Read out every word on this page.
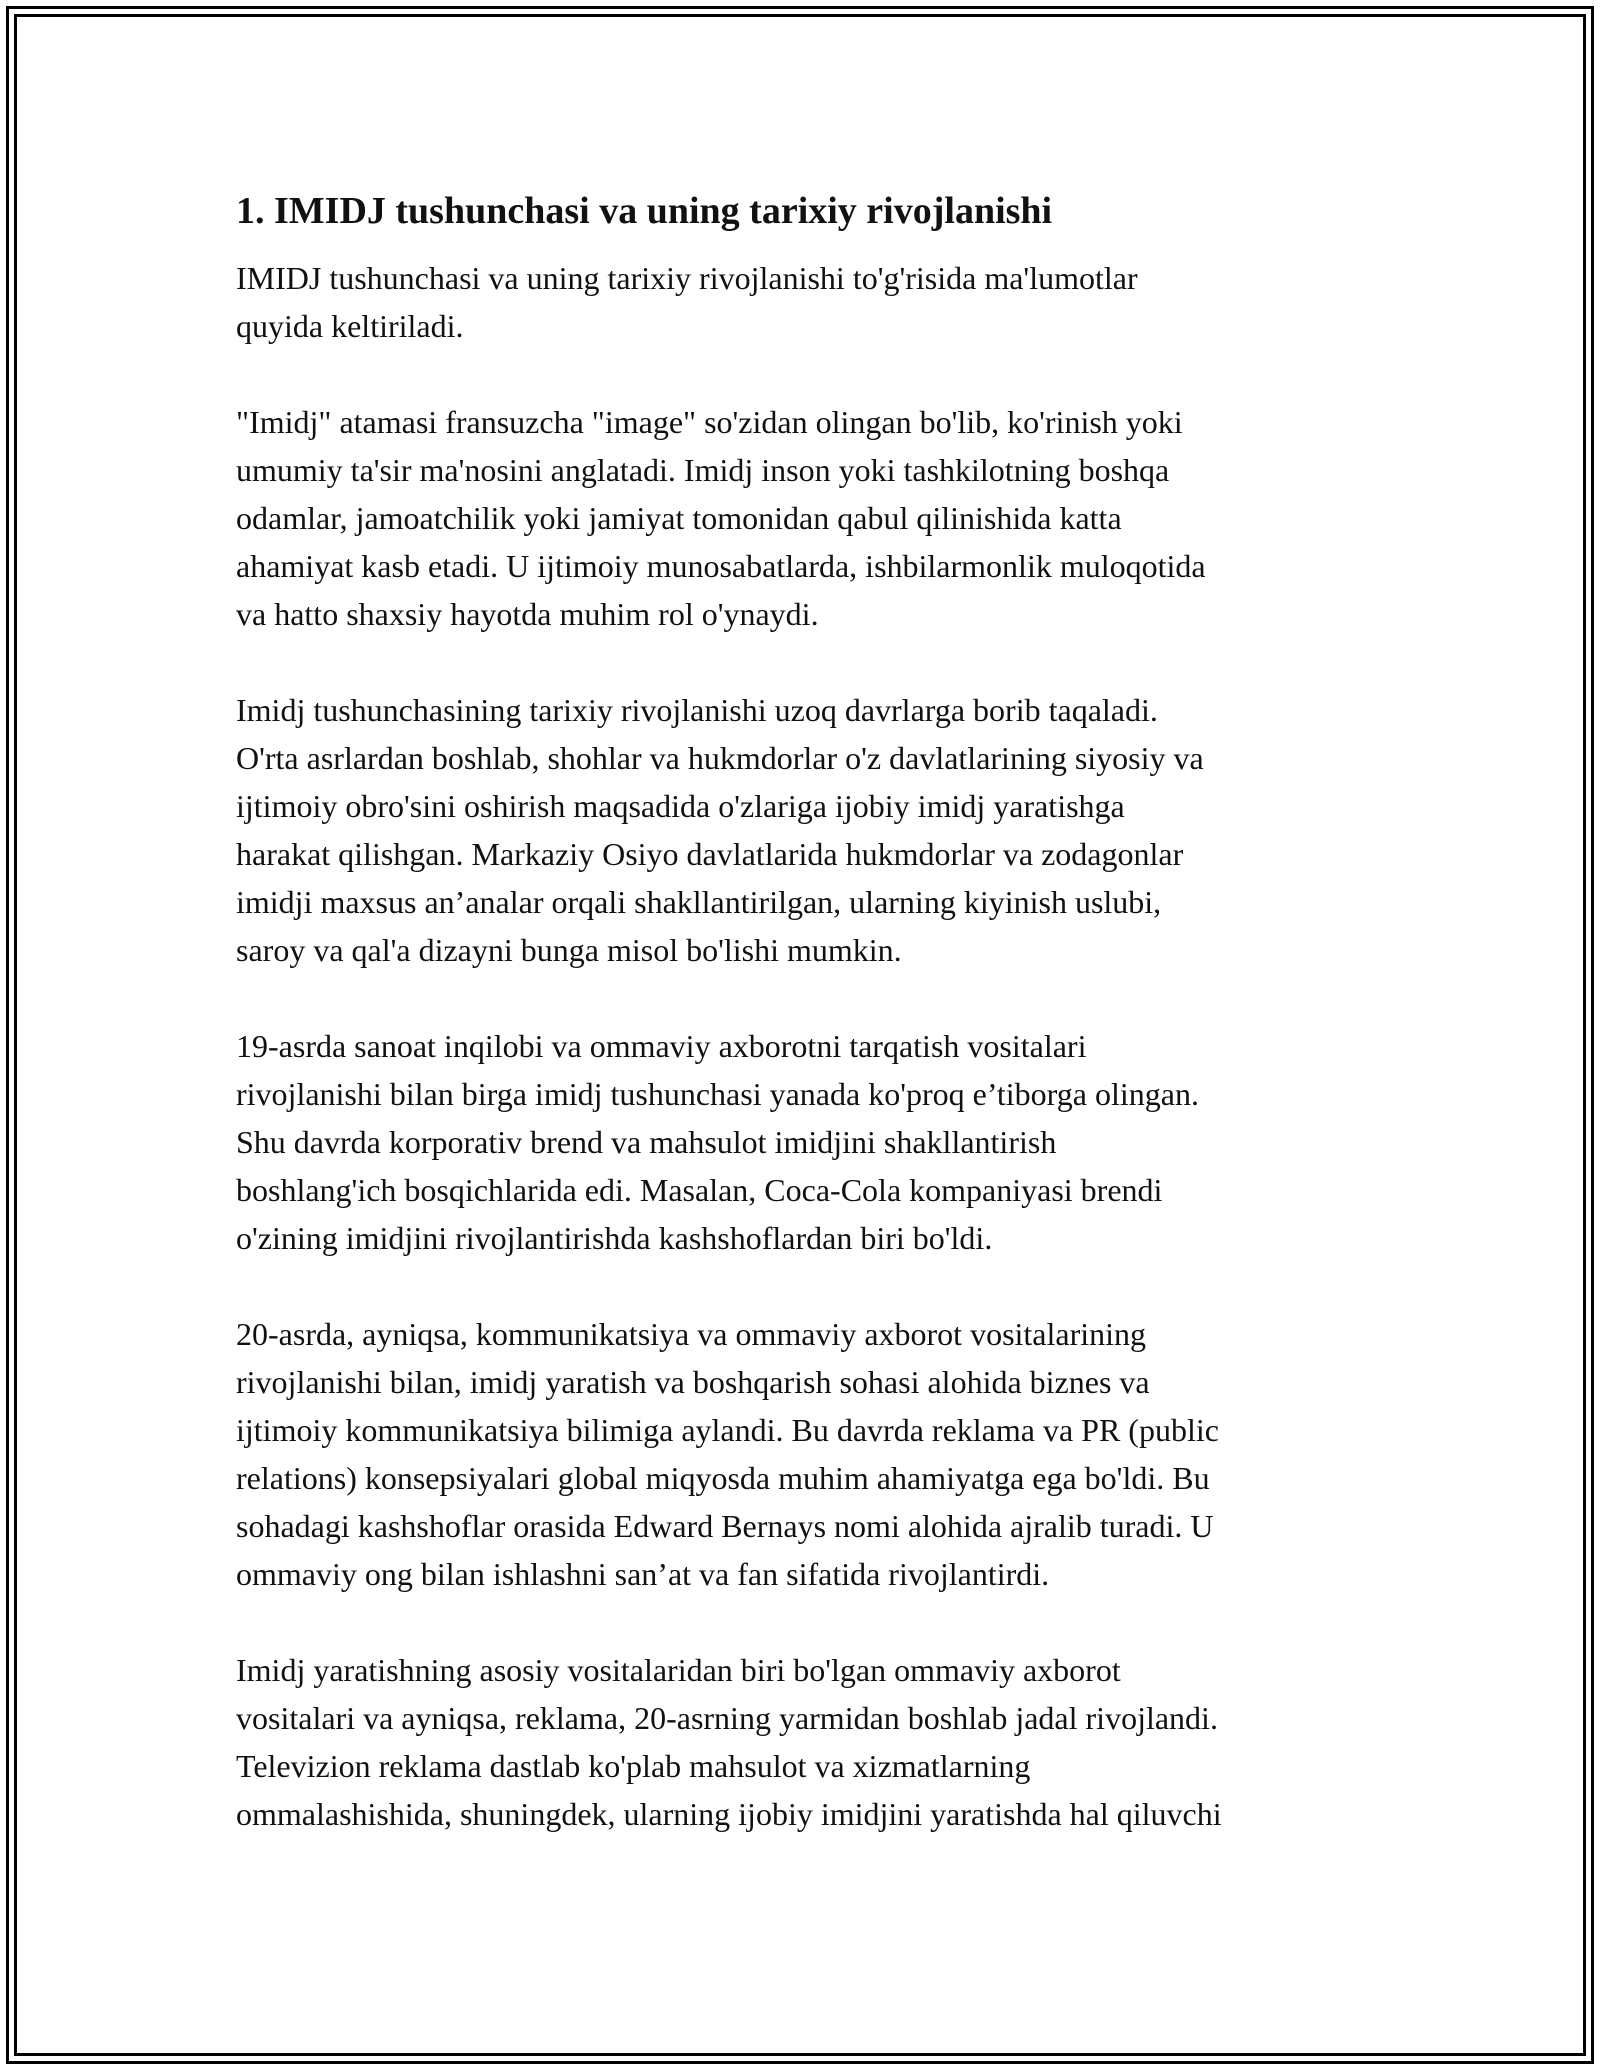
1. IMIDJ tushunchasi va uning tarixiy rivojlanishi

IMIDJ tushunchasi va uning tarixiy rivojlanishi to'g'risida ma'lumotlar
quyida keltiriladi.

"Imidj" atamasi fransuzcha "image" so'zidan olingan bo'lib, ko'rinish yoki
umumiy ta'sir ma'nosini anglatadi. Imidj inson yoki tashkilotning boshqa
odamlar, jamoatchilik yoki jamiyat tomonidan qabul qilinishida katta
ahamiyat kasb etadi. U ijtimoiy munosabatlarda, ishbilarmonlik muloqotida
va hatto shaxsiy hayotda muhim rol o'ynaydi.

Imidj tushunchasining tarixiy rivojlanishi uzoq davrlarga borib taqaladi.
O'rta asrlardan boshlab, shohlar va hukmdorlar o'z davlatlarining siyosiy va
ijtimoiy obro'sini oshirish maqsadida o'zlariga ijobiy imidj yaratishga
harakat qilishgan. Markaziy Osiyo davlatlarida hukmdorlar va zodagonlar
imidji maxsus an’analar orqali shakllantirilgan, ularning kiyinish uslubi,
saroy va qal'a dizayni bunga misol bo'lishi mumkin.

19-asrda sanoat inqilobi va ommaviy axborotni tarqatish vositalari
rivojlanishi bilan birga imidj tushunchasi yanada ko'proq e’tiborga olingan.
Shu davrda korporativ brend va mahsulot imidjini shakllantirish
boshlang'ich bosqichlarida edi. Masalan, Coca-Cola kompaniyasi brendi
o'zining imidjini rivojlantirishda kashshoflardan biri bo'ldi.

20-asrda, ayniqsa, kommunikatsiya va ommaviy axborot vositalarining
rivojlanishi bilan, imidj yaratish va boshqarish sohasi alohida biznes va
ijtimoiy kommunikatsiya bilimiga aylandi. Bu davrda reklama va PR (public
relations) konsepsiyalari global miqyosda muhim ahamiyatga ega bo'ldi. Bu
sohadagi kashshoflar orasida Edward Bernays nomi alohida ajralib turadi. U
ommaviy ong bilan ishlashni san’at va fan sifatida rivojlantirdi.

Imidj yaratishning asosiy vositalaridan biri bo'lgan ommaviy axborot
vositalari va ayniqsa, reklama, 20-asrning yarmidan boshlab jadal rivojlandi.
Televizion reklama dastlab ko'plab mahsulot va xizmatlarning
ommalashishida, shuningdek, ularning ijobiy imidjini yaratishda hal qiluvchi
